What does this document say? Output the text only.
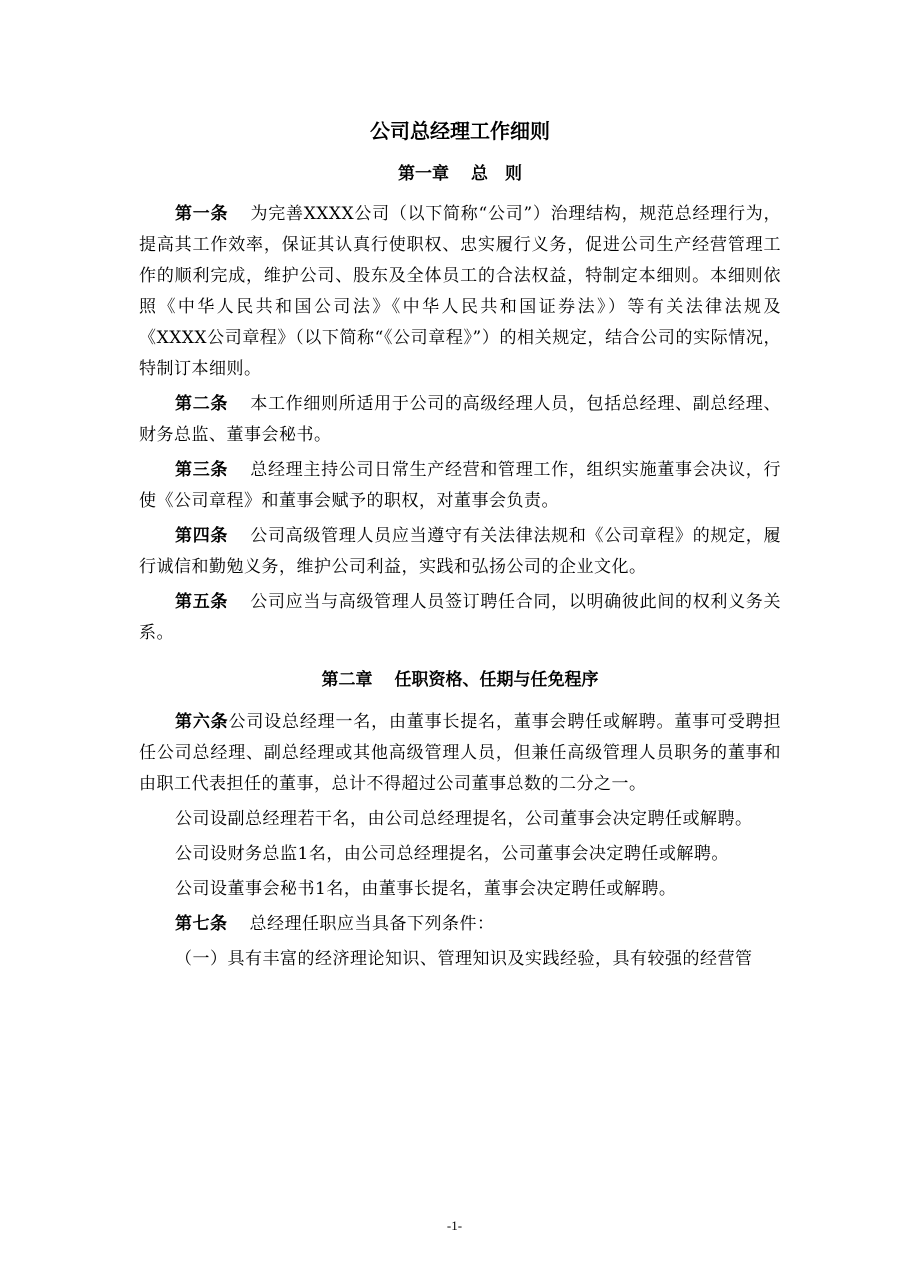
公司总经理工作细则
第一章 总　则

第一条 为完善XXXX公司（以下简称“公司”）治理结构，规范总经理行为，提高其工作效率，保证其认真行使职权、忠实履行义务，促进公司生产经营管理工作的顺利完成，维护公司、股东及全体员工的合法权益，特制定本细则。本细则依照《中华人民共和国公司法》《中华人民共和国证券法》）等有关法律法规及《XXXX公司章程》（以下简称“《公司章程》”）的相关规定，结合公司的实际情况，特制订本细则。

第二条 本工作细则所适用于公司的高级经理人员，包括总经理、副总经理、财务总监、董事会秘书。

第三条 总经理主持公司日常生产经营和管理工作，组织实施董事会决议，行使《公司章程》和董事会赋予的职权，对董事会负责。

第四条 公司高级管理人员应当遵守有关法律法规和《公司章程》的规定，履行诚信和勤勉义务，维护公司利益，实践和弘扬公司的企业文化。

第五条 公司应当与高级管理人员签订聘任合同，以明确彼此间的权利义务关系。

第二章 任职资格、任期与任免程序

第六条公司设总经理一名，由董事长提名，董事会聘任或解聘。董事可受聘担任公司总经理、副总经理或其他高级管理人员，但兼任高级管理人员职务的董事和由职工代表担任的董事，总计不得超过公司董事总数的二分之一。

公司设副总经理若干名，由公司总经理提名，公司董事会决定聘任或解聘。

公司设财务总监1名，由公司总经理提名，公司董事会决定聘任或解聘。

公司设董事会秘书1名，由董事长提名，董事会决定聘任或解聘。

第七条 总经理任职应当具备下列条件：

（一）具有丰富的经济理论知识、管理知识及实践经验，具有较强的经营管

-1-
